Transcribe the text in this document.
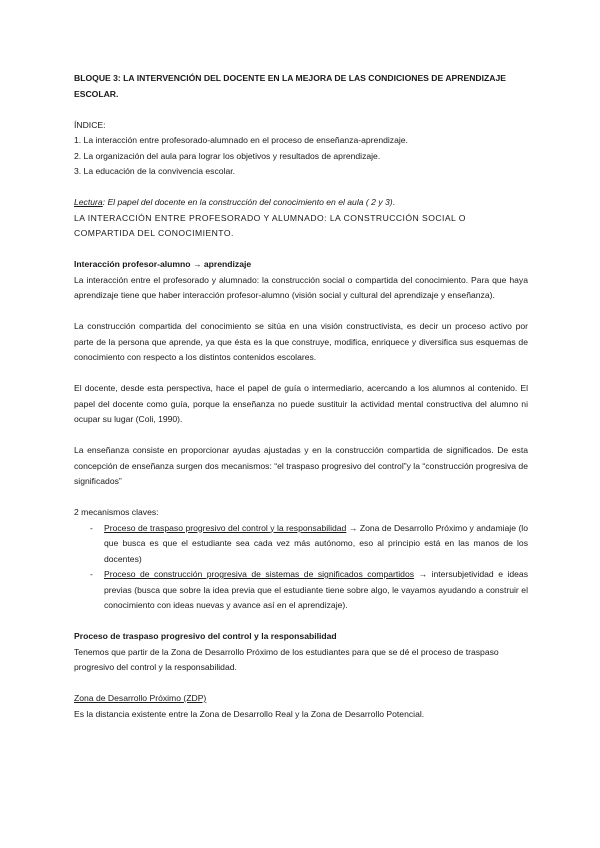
BLOQUE 3: LA INTERVENCIÓN DEL DOCENTE EN LA MEJORA DE LAS CONDICIONES DE APRENDIZAJE ESCOLAR.

ÍNDICE:

1. La interacción entre profesorado-alumnado en el proceso de enseñanza-aprendizaje.

2. La organización del aula para lograr los objetivos y resultados de aprendizaje.

3. La educación de la convivencia escolar.

Lectura: El papel del docente en la construcción del conocimiento en el aula ( 2 y 3).

LA INTERACCIÓN ENTRE PROFESORADO Y ALUMNADO: LA CONSTRUCCIÓN SOCIAL O COMPARTIDA DEL CONOCIMIENTO.

Interacción profesor-alumno → aprendizaje

La interacción entre el profesorado y alumnado: la construcción social o compartida del conocimiento. Para que haya aprendizaje tiene que haber interacción profesor-alumno (visión social y cultural del aprendizaje y enseñanza).

La construcción compartida del conocimiento se sitúa en una visión constructivista, es decir un proceso activo por parte de la persona que aprende, ya que ésta es la que construye, modifica, enriquece y diversifica sus esquemas de conocimiento con respecto a los distintos contenidos escolares.

El docente, desde esta perspectiva, hace el papel de guía o intermediario, acercando a los alumnos al contenido. El papel del docente como guía, porque la enseñanza no puede sustituir la actividad mental constructiva del alumno ni ocupar su lugar (Coli, 1990).

La enseñanza consiste en proporcionar ayudas ajustadas y en la construcción compartida de significados. De esta concepción de enseñanza surgen dos mecanismos: “el traspaso progresivo del control”y la “construcción progresiva de significados”

2 mecanismos claves:

- Proceso de traspaso progresivo del control y la responsabilidad → Zona de Desarrollo Próximo y andamiaje (lo que busca es que el estudiante sea cada vez más autónomo, eso al principio está en las manos de los docentes)
- Proceso de construcción progresiva de sistemas de significados compartidos → intersubjetividad e ideas previas (busca que sobre la idea previa que el estudiante tiene sobre algo, le vayamos ayudando a construir el conocimiento con ideas nuevas y avance así en el aprendizaje).

Proceso de traspaso progresivo del control y la responsabilidad

Tenemos que partir de la Zona de Desarrollo Próximo de los estudiantes para que se dé el proceso de traspaso progresivo del control y la responsabilidad.

Zona de Desarrollo Próximo (ZDP)

Es la distancia existente entre la Zona de Desarrollo Real y la Zona de Desarrollo Potencial.
